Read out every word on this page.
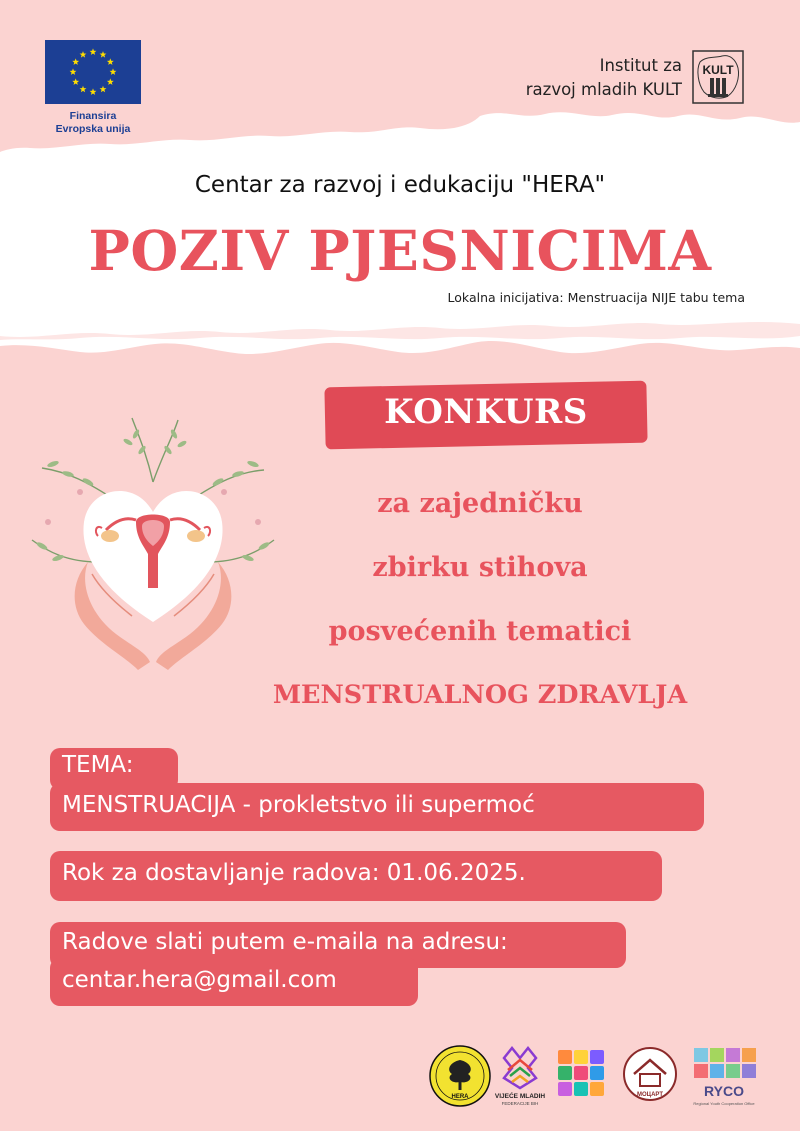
Finansira
Evropska unija
Institut za
razvoj mladih KULT
KULT
Centar za razvoj i edukaciju "HERA"
POZIV PJESNICIMA
Lokalna inicijativa: Menstruacija NIJE tabu tema
KONKURS
za zajedničku
zbirku stihova
posvećenih tematici
MENSTRUALNOG ZDRAVLJA
TEMA:
MENSTRUACIJA - prokletstvo ili supermoć
Rok za dostavljanje radova: 01.06.2025.
Radove slati putem e-maila na adresu:
centar.hera@gmail.com
HERA	VIJEĆE MLADIH
FEDERACIJE BIH
MOЦАРТ	RYCO
Regional Youth Cooperation Office
